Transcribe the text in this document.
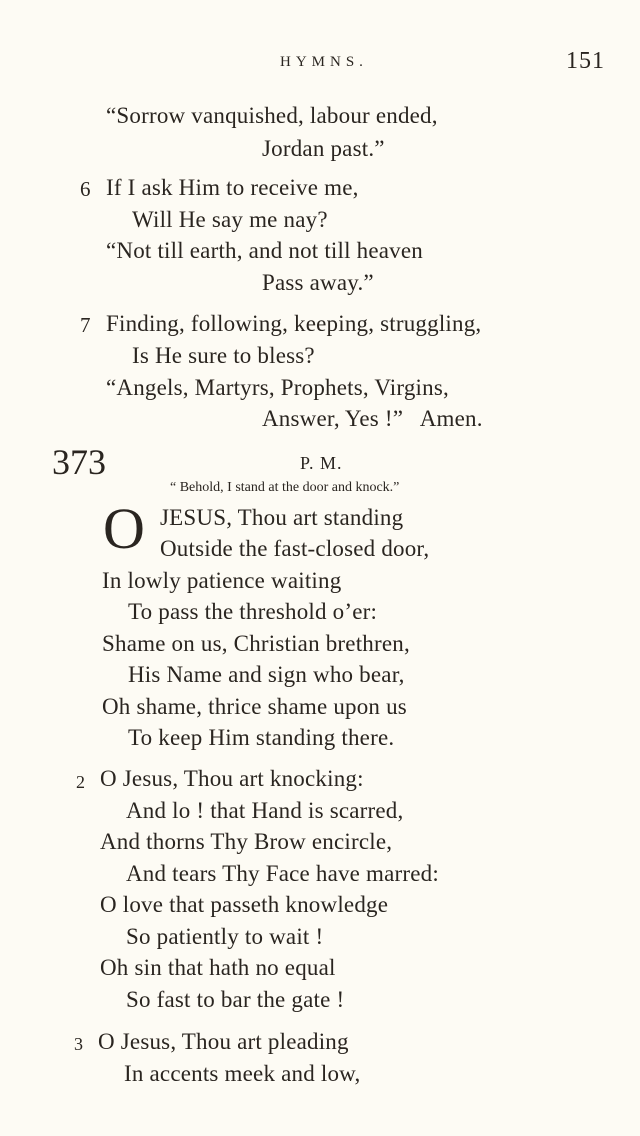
HYMNS.	151
“Sorrow vanquished, labour ended,
Jordan past.”
6 If I ask Him to receive me,
Will He say me nay?
“Not till earth, and not till heaven
Pass away.”
7 Finding, following, keeping, struggling,
Is He sure to bless?
“Angels, Martyrs, Prophets, Virgins,
Answer, Yes !”   Amen.
373	P. M.
“ Behold, I stand at the door and knock.”
O JESUS, Thou art standing
Outside the fast-closed door,
In lowly patience waiting
To pass the threshold o’er:
Shame on us, Christian brethren,
His Name and sign who bear,
Oh shame, thrice shame upon us
To keep Him standing there.
2 O Jesus, Thou art knocking:
And lo ! that Hand is scarred,
And thorns Thy Brow encircle,
And tears Thy Face have marred:
O love that passeth knowledge
So patiently to wait !
Oh sin that hath no equal
So fast to bar the gate !
3 O Jesus, Thou art pleading
In accents meek and low,
